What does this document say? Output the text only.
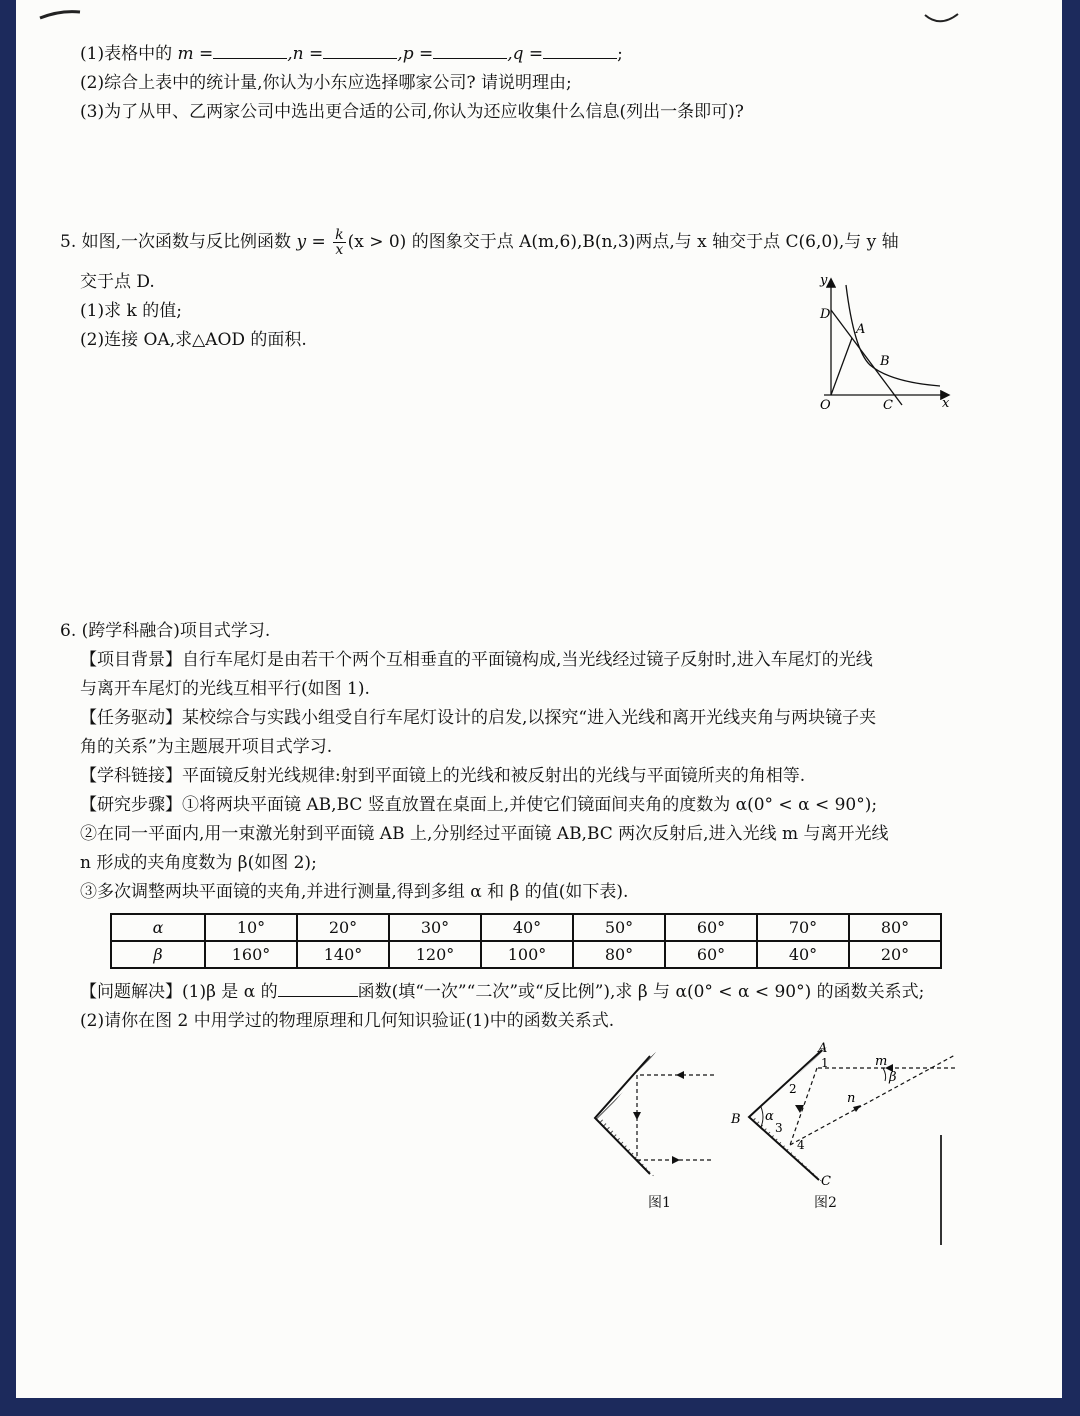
(1)表格中的 m =	,n =	,p =	,q =	;
(2)综合上表中的统计量,你认为小东应选择哪家公司? 请说明理由;
(3)为了从甲、乙两家公司中选出更合适的公司,你认为还应收集什么信息(列出一条即可)?
5. 如图,一次函数与反比例函数 $y = \frac{k}{x} (x > 0)$ 的图象交于点 A(m,6),B(n,3)两点,与 x 轴交于点 C(6,0),与 y 轴
交于点 D.
(1)求 k 的值;
(2)连接 OA,求△AOD 的面积.
y
x
O
D
A
B
C
6. (跨学科融合)项目式学习.
【项目背景】自行车尾灯是由若干个两个互相垂直的平面镜构成,当光线经过镜子反射时,进入车尾灯的光线
与离开车尾灯的光线互相平行(如图 1).
【任务驱动】某校综合与实践小组受自行车尾灯设计的启发,以探究“进入光线和离开光线夹角与两块镜子夹
角的关系”为主题展开项目式学习.
【学科链接】平面镜反射光线规律:射到平面镜上的光线和被反射出的光线与平面镜所夹的角相等.
【研究步骤】①将两块平面镜 AB,BC 竖直放置在桌面上,并使它们镜面间夹角的度数为 α(0° < α < 90°);
②在同一平面内,用一束激光射到平面镜 AB 上,分别经过平面镜 AB,BC 两次反射后,进入光线 m 与离开光线
n 形成的夹角度数为 β(如图 2);
③多次调整两块平面镜的夹角,并进行测量,得到多组 α 和 β 的值(如下表).
α	10°	20°	30°	40°	50°	60°	70°	80°
β	160°	140°	120°	100°	80°	60°	40°	20°
【问题解决】(1)β 是 α 的	函数(填“一次”“二次”或“反比例”),求 β 与 α(0° < α < 90°) 的函数关系式;
(2)请你在图 2 中用学过的物理原理和几何知识验证(1)中的函数关系式.
图1
A
B
C
m
n
β
α
1
2
3
4
图2
